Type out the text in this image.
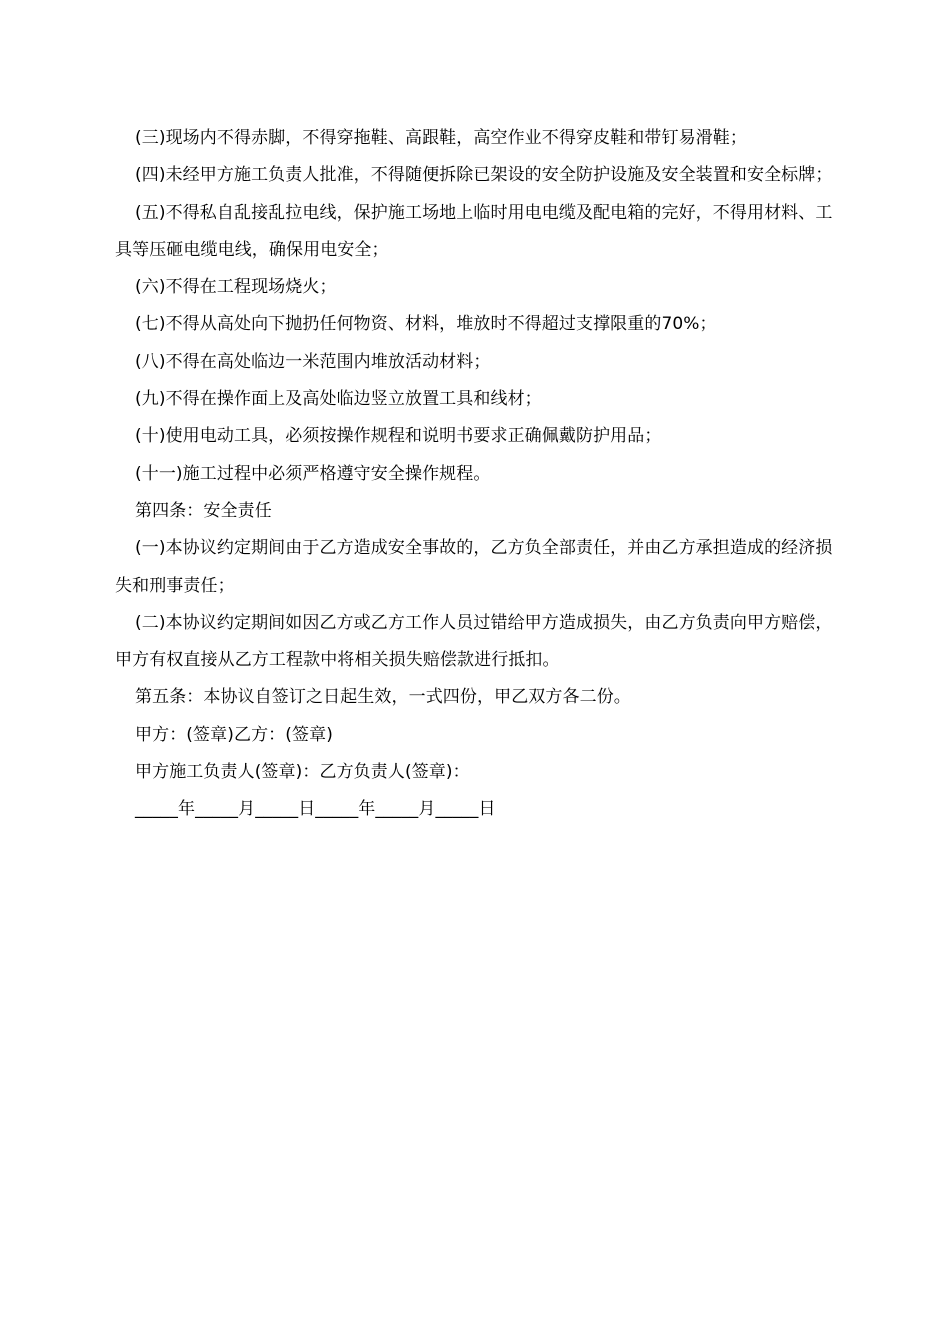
(三)现场内不得赤脚，不得穿拖鞋、高跟鞋，高空作业不得穿皮鞋和带钉易滑鞋；

(四)未经甲方施工负责人批准，不得随便拆除已架设的安全防护设施及安全装置和安全标牌；

(五)不得私自乱接乱拉电线，保护施工场地上临时用电电缆及配电箱的完好，不得用材料、工具等压砸电缆电线，确保用电安全；

(六)不得在工程现场烧火；

(七)不得从高处向下抛扔任何物资、材料，堆放时不得超过支撑限重的70%；

(八)不得在高处临边一米范围内堆放活动材料；

(九)不得在操作面上及高处临边竖立放置工具和线材；

(十)使用电动工具，必须按操作规程和说明书要求正确佩戴防护用品；

(十一)施工过程中必须严格遵守安全操作规程。

第四条：安全责任

(一)本协议约定期间由于乙方造成安全事故的，乙方负全部责任，并由乙方承担造成的经济损失和刑事责任；

(二)本协议约定期间如因乙方或乙方工作人员过错给甲方造成损失，由乙方负责向甲方赔偿，甲方有权直接从乙方工程款中将相关损失赔偿款进行抵扣。

第五条：本协议自签订之日起生效，一式四份，甲乙双方各二份。

甲方：(签章)乙方：(签章)

甲方施工负责人(签章)：乙方负责人(签章)：

_____年_____月_____日_____年_____月_____日
